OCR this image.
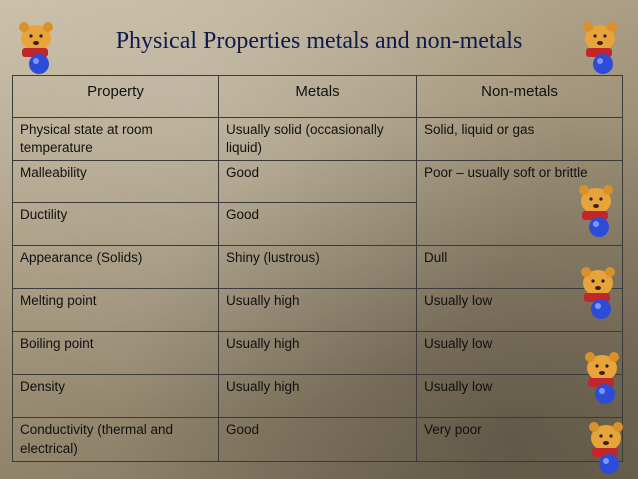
Physical Properties metals and non-metals
Property	Metals	Non-metals
Physical state at room temperature	Usually solid (occasionally liquid)	Solid, liquid or gas
Malleability	Good	Poor – usually soft or brittle
Ductility	Good	
Appearance (Solids)	Shiny (lustrous)	Dull
Melting point	Usually high	Usually low
Boiling point	Usually high	Usually low
Density	Usually high	Usually low
Conductivity (thermal and electrical)	Good	Very poor
